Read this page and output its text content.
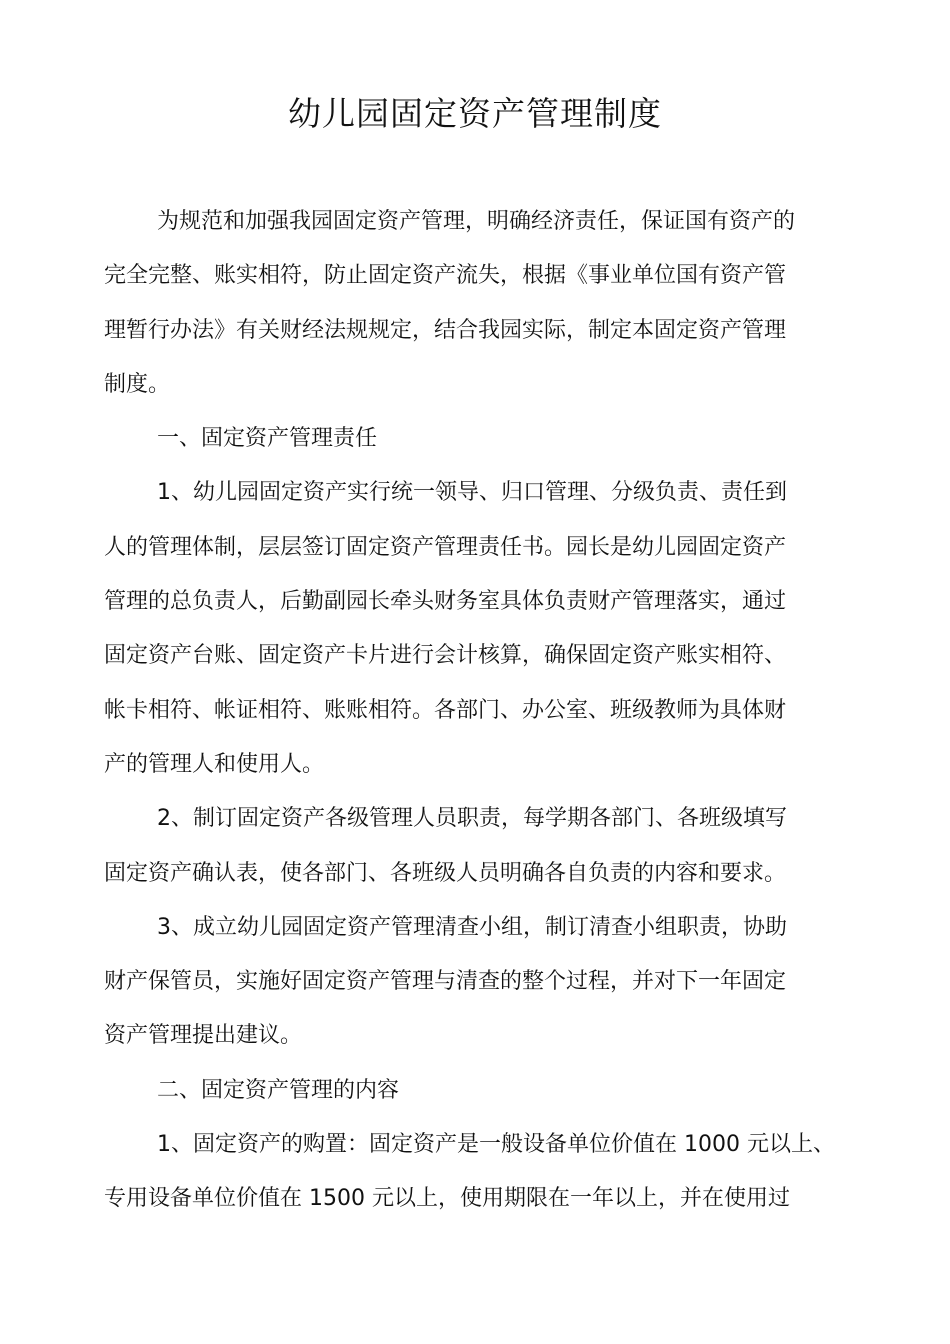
幼儿园固定资产管理制度
为规范和加强我园固定资产管理，明确经济责任，保证国有资产的
完全完整、账实相符，防止固定资产流失，根据《事业单位国有资产管
理暂行办法》有关财经法规规定，结合我园实际，制定本固定资产管理
制度。
一、固定资产管理责任
1、幼儿园固定资产实行统一领导、归口管理、分级负责、责任到
人的管理体制，层层签订固定资产管理责任书。园长是幼儿园固定资产
管理的总负责人，后勤副园长牵头财务室具体负责财产管理落实，通过
固定资产台账、固定资产卡片进行会计核算，确保固定资产账实相符、
帐卡相符、帐证相符、账账相符。各部门、办公室、班级教师为具体财
产的管理人和使用人。
2、制订固定资产各级管理人员职责，每学期各部门、各班级填写
固定资产确认表，使各部门、各班级人员明确各自负责的内容和要求。
3、成立幼儿园固定资产管理清查小组，制订清查小组职责，协助
财产保管员，实施好固定资产管理与清查的整个过程，并对下一年固定
资产管理提出建议。
二、固定资产管理的内容
1、固定资产的购置：固定资产是一般设备单位价值在 1000 元以上、
专用设备单位价值在 1500 元以上，使用期限在一年以上，并在使用过
